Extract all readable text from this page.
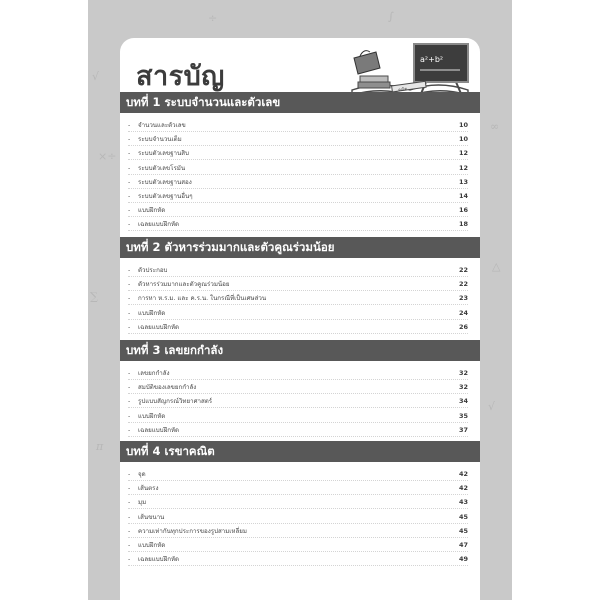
√
×÷
∑
π
∞
△
√
∫
÷
สารบัญ
a²+b²
คณิต
บทที่ 1 ระบบจำนวนและตัวเลข
-	จำนวนและตัวเลข	10
-	ระบบจำนวนเต็ม	10
-	ระบบตัวเลขฐานสิบ	12
-	ระบบตัวเลขโรมัน	12
-	ระบบตัวเลขฐานสอง	13
-	ระบบตัวเลขฐานอื่นๆ	14
-	แบบฝึกหัด	16
-	เฉลยแบบฝึกหัด	18
บทที่ 2 ตัวหารร่วมมากและตัวคูณร่วมน้อย
-	ตัวประกอบ	22
-	ตัวหารร่วมมากและตัวคูณร่วมน้อย	22
-	การหา ห.ร.ม. และ ค.ร.น. ในกรณีที่เป็นเศษส่วน	23
-	แบบฝึกหัด	24
-	เฉลยแบบฝึกหัด	26
บทที่ 3 เลขยกกำลัง
-	เลขยกกำลัง	32
-	สมบัติของเลขยกกำลัง	32
-	รูปแบบสัญกรณ์วิทยาศาสตร์	34
-	แบบฝึกหัด	35
-	เฉลยแบบฝึกหัด	37
บทที่ 4 เรขาคณิต
-	จุด	42
-	เส้นตรง	42
-	มุม	43
-	เส้นขนาน	45
-	ความเท่ากันทุกประการของรูปสามเหลี่ยม	45
-	แบบฝึกหัด	47
-	เฉลยแบบฝึกหัด	49
